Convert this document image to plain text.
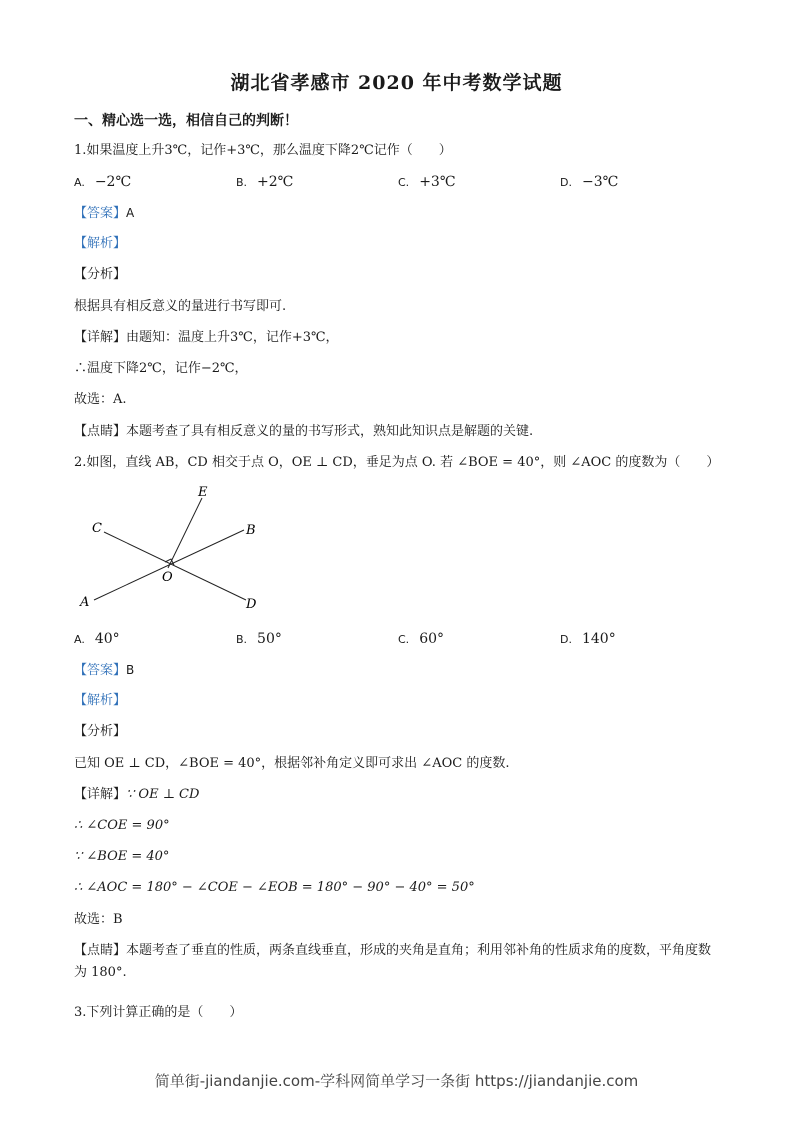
湖北省孝感市 2020 年中考数学试题
一、精心选一选，相信自己的判断！
1.如果温度上升3℃，记作+3℃，那么温度下降2℃记作（　　）
A. −2℃	B. +2℃	C. +3℃	D. −3℃
【答案】A
【解析】
【分析】
根据具有相反意义的量进行书写即可.
【详解】由题知：温度上升3℃，记作+3℃，
∴温度下降2℃，记作−2℃，
故选：A.
【点睛】本题考查了具有相反意义的量的书写形式，熟知此知识点是解题的关键.
2.如图，直线 AB，CD 相交于点 O，OE ⊥ CD，垂足为点 O. 若 ∠BOE = 40°，则 ∠AOC 的度数为（　　）
E
C	B
O
A	D
A. 40°	B. 50°	C. 60°	D. 140°
【答案】B
【解析】
【分析】
已知 OE ⊥ CD，∠BOE = 40°，根据邻补角定义即可求出 ∠AOC 的度数.
【详解】∵ OE ⊥ CD
∴ ∠COE = 90°
∵ ∠BOE = 40°
∴ ∠AOC = 180° − ∠COE − ∠EOB = 180° − 90° − 40° = 50°
故选：B
【点睛】本题考查了垂直的性质，两条直线垂直，形成的夹角是直角；利用邻补角的性质求角的度数，平角度数为 180°.
3.下列计算正确的是（　　）
简单街-jiandanjie.com-学科网简单学习一条街 https://jiandanjie.com
